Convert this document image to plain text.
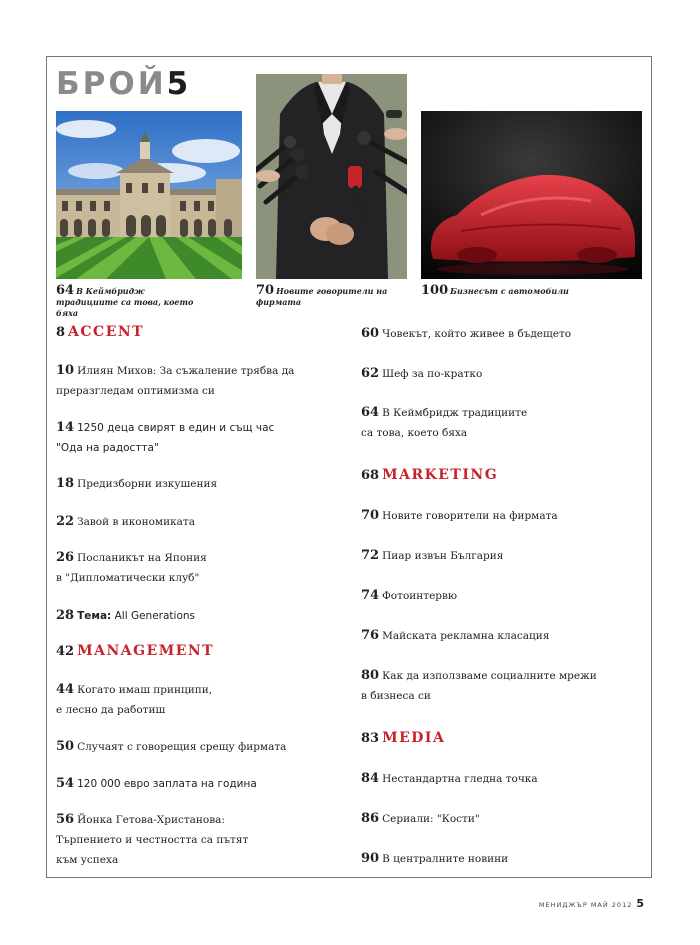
БРОЙ5
64 В Кеймбридж традициите са това, което бяха
70 Новите говорители на фирмата
100 Бизнесът с автомобили
8 ACCENT
10 Илиян Михов: За съжаление трябва да
преразгледам оптимизма си
14 1250 деца свирят в един и същ час
"Ода на радостта"
18 Предизборни изкушения
22 Завой в икономиката
26 Посланикът на Япония
в "Дипломатически клуб"
28 Тема: All Generations
42 MANAGEMENT
44 Когато имаш принципи,
е лесно да работиш
50 Случаят с говорещия срещу фирмата
54 120 000 евро заплата на година
56 Йонка Гетова-Христанова:
Търпението и честността са пътят
към успеха
60 Човекът, който живее в бъдещето
62 Шеф за по-кратко
64 В Кеймбридж традициите
са това, което бяха
68 MARKETING
70 Новите говорители на фирмата
72 Пиар извън България
74 Фотоинтервю
76 Майската рекламна класация
80 Как да използваме социалните мрежи
в бизнеса си
83 MEDIA
84 Нестандартна гледна точка
86 Сериали: "Кости"
90 В централните новини
МЕНИДЖЪР МАЙ 2012 5
